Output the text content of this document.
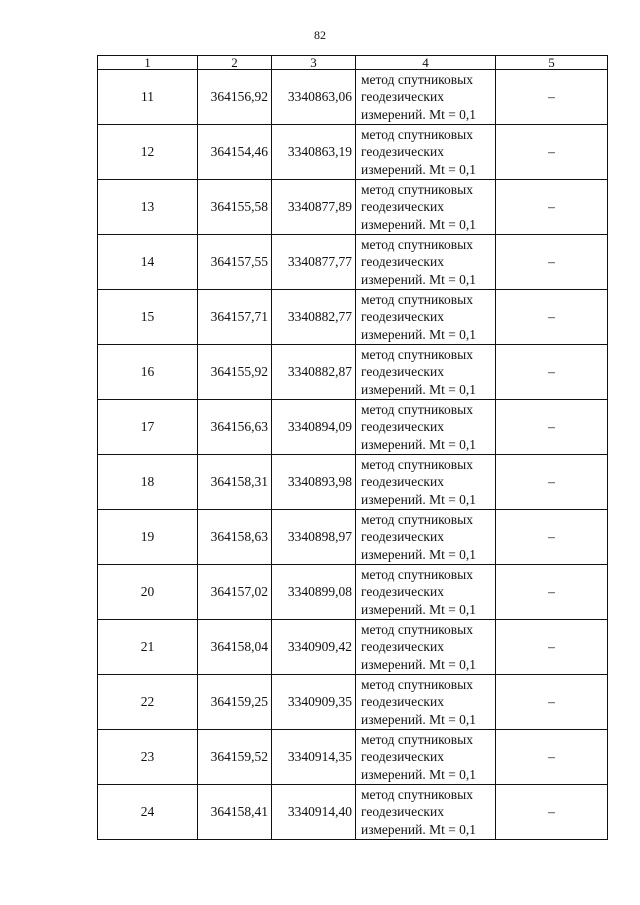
82
1	2	3	4	5
11	364156,92	3340863,06	метод спутниковых геодезических измерений. Mt = 0,1	–
12	364154,46	3340863,19	метод спутниковых геодезических измерений. Mt = 0,1	–
13	364155,58	3340877,89	метод спутниковых геодезических измерений. Mt = 0,1	–
14	364157,55	3340877,77	метод спутниковых геодезических измерений. Mt = 0,1	–
15	364157,71	3340882,77	метод спутниковых геодезических измерений. Mt = 0,1	–
16	364155,92	3340882,87	метод спутниковых геодезических измерений. Mt = 0,1	–
17	364156,63	3340894,09	метод спутниковых геодезических измерений. Mt = 0,1	–
18	364158,31	3340893,98	метод спутниковых геодезических измерений. Mt = 0,1	–
19	364158,63	3340898,97	метод спутниковых геодезических измерений. Mt = 0,1	–
20	364157,02	3340899,08	метод спутниковых геодезических измерений. Mt = 0,1	–
21	364158,04	3340909,42	метод спутниковых геодезических измерений. Mt = 0,1	–
22	364159,25	3340909,35	метод спутниковых геодезических измерений. Mt = 0,1	–
23	364159,52	3340914,35	метод спутниковых геодезических измерений. Mt = 0,1	–
24	364158,41	3340914,40	метод спутниковых геодезических измерений. Mt = 0,1	–
